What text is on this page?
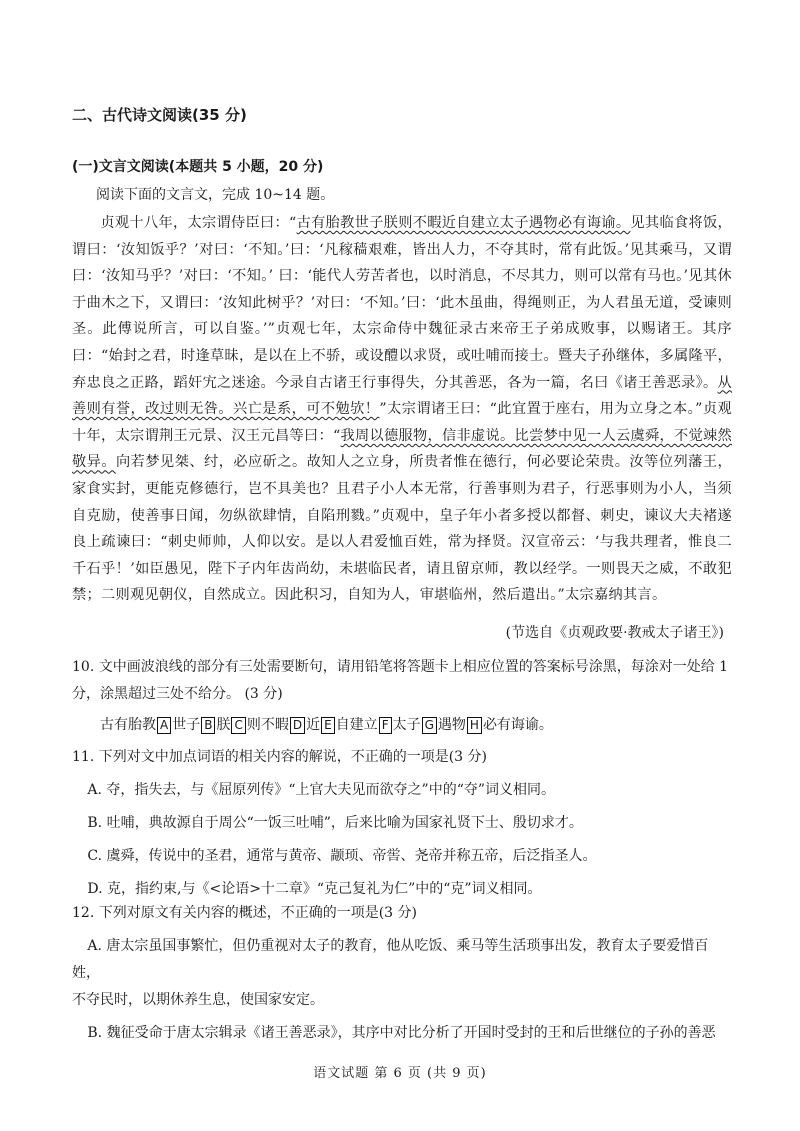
二、古代诗文阅读(35 分)
(一)文言文阅读(本题共 5 小题，20 分)
阅读下面的文言文，完成 10~14 题。

贞观十八年，太宗谓侍臣曰：“古有胎教世子朕则不暇近自建立太子遇物必有诲谕。见其临食将饭，谓曰：‘汝知饭乎？’对曰：‘不知。’曰：‘凡稼穑艰难，皆出人力，不夺其时，常有此饭。’见其乘马，又谓曰：‘汝知马乎？’对曰：‘不知。’ 曰：‘能代人劳苦者也，以时消息，不尽其力，则可以常有马也。’见其休于曲木之下，又谓曰：‘汝知此树乎？’对曰：‘不知。’曰：‘此木虽曲，得绳则正，为人君虽无道，受谏则圣。此傅说所言，可以自鉴。’”贞观七年，太宗命侍中魏征录古来帝王子弟成败事，以赐诸王。其序曰：“始封之君，时逢草昧，是以在上不骄，或设醴以求贤，或吐哺而接士。暨夫子孙继体，多属隆平，弃忠良之正路，蹈奸宄之迷途。今录自古诸王行事得失，分其善恶，各为一篇，名曰《诸王善恶录》。从善则有誉，改过则无咎。兴亡是系，可不勉欤！”太宗谓诸王曰：“此宜置于座右，用为立身之本。”贞观十年，太宗谓荆王元景、汉王元昌等曰：“我周以德服物，信非虚说。比尝梦中见一人云虞舜，不觉竦然敬异。向若梦见桀、纣，必应斫之。故知人之立身，所贵者惟在德行，何必要论荣贵。汝等位列藩王，家食实封，更能克修德行，岂不具美也？且君子小人本无常，行善事则为君子，行恶事则为小人，当须自克励，使善事日闻，勿纵欲肆情，自陷刑戮。”贞观中，皇子年小者多授以都督、刺史，谏议大夫褚遂良上疏谏曰：“刺史师帅，人仰以安。是以人君爱恤百姓，常为择贤。汉宣帝云：‘与我共理者，惟良二千石乎！’如臣愚见，陛下子内年齿尚幼，未堪临民者，请且留京师，教以经学。一则畏天之威，不敢犯禁；二则观见朝仪，自然成立。因此积习，自知为人，审堪临州，然后遣出。”太宗嘉纳其言。

(节选自《贞观政要·教戒太子诸王》)

10. 文中画波浪线的部分有三处需要断句，请用铅笔将答题卡上相应位置的答案标号涂黑，每涂对一处给 1

分，涂黑超过三处不给分。 (3 分)

古有胎教 A 世子 B 朕 C 则不暇 D 近 E 自建立 F 太子 G 遇物 H 必有诲谕。

11. 下列对文中加点词语的相关内容的解说，不正确的一项是(3 分)

A. 夺，指失去，与《屈原列传》“上官大夫见而欲夺之”中的“夺”词义相同。

B. 吐哺，典故源自于周公“一饭三吐哺”，后来比喻为国家礼贤下士、殷切求才。

C. 虞舜，传说中的圣君，通常与黄帝、颛顼、帝喾、尧帝并称五帝，后泛指圣人。

D. 克，指约束,与《<论语>十二章》“克己复礼为仁”中的“克”词义相同。

12. 下列对原文有关内容的概述，不正确的一项是(3 分)

A. 唐太宗虽国事繁忙，但仍重视对太子的教育，他从吃饭、乘马等生活琐事出发，教育太子要爱惜百姓，

不夺民时，以期休养生息，使国家安定。

B. 魏征受命于唐太宗辑录《诸王善恶录》，其序中对比分析了开国时受封的王和后世继位的子孙的善恶

语文试题 第 6 页 (共 9 页)
